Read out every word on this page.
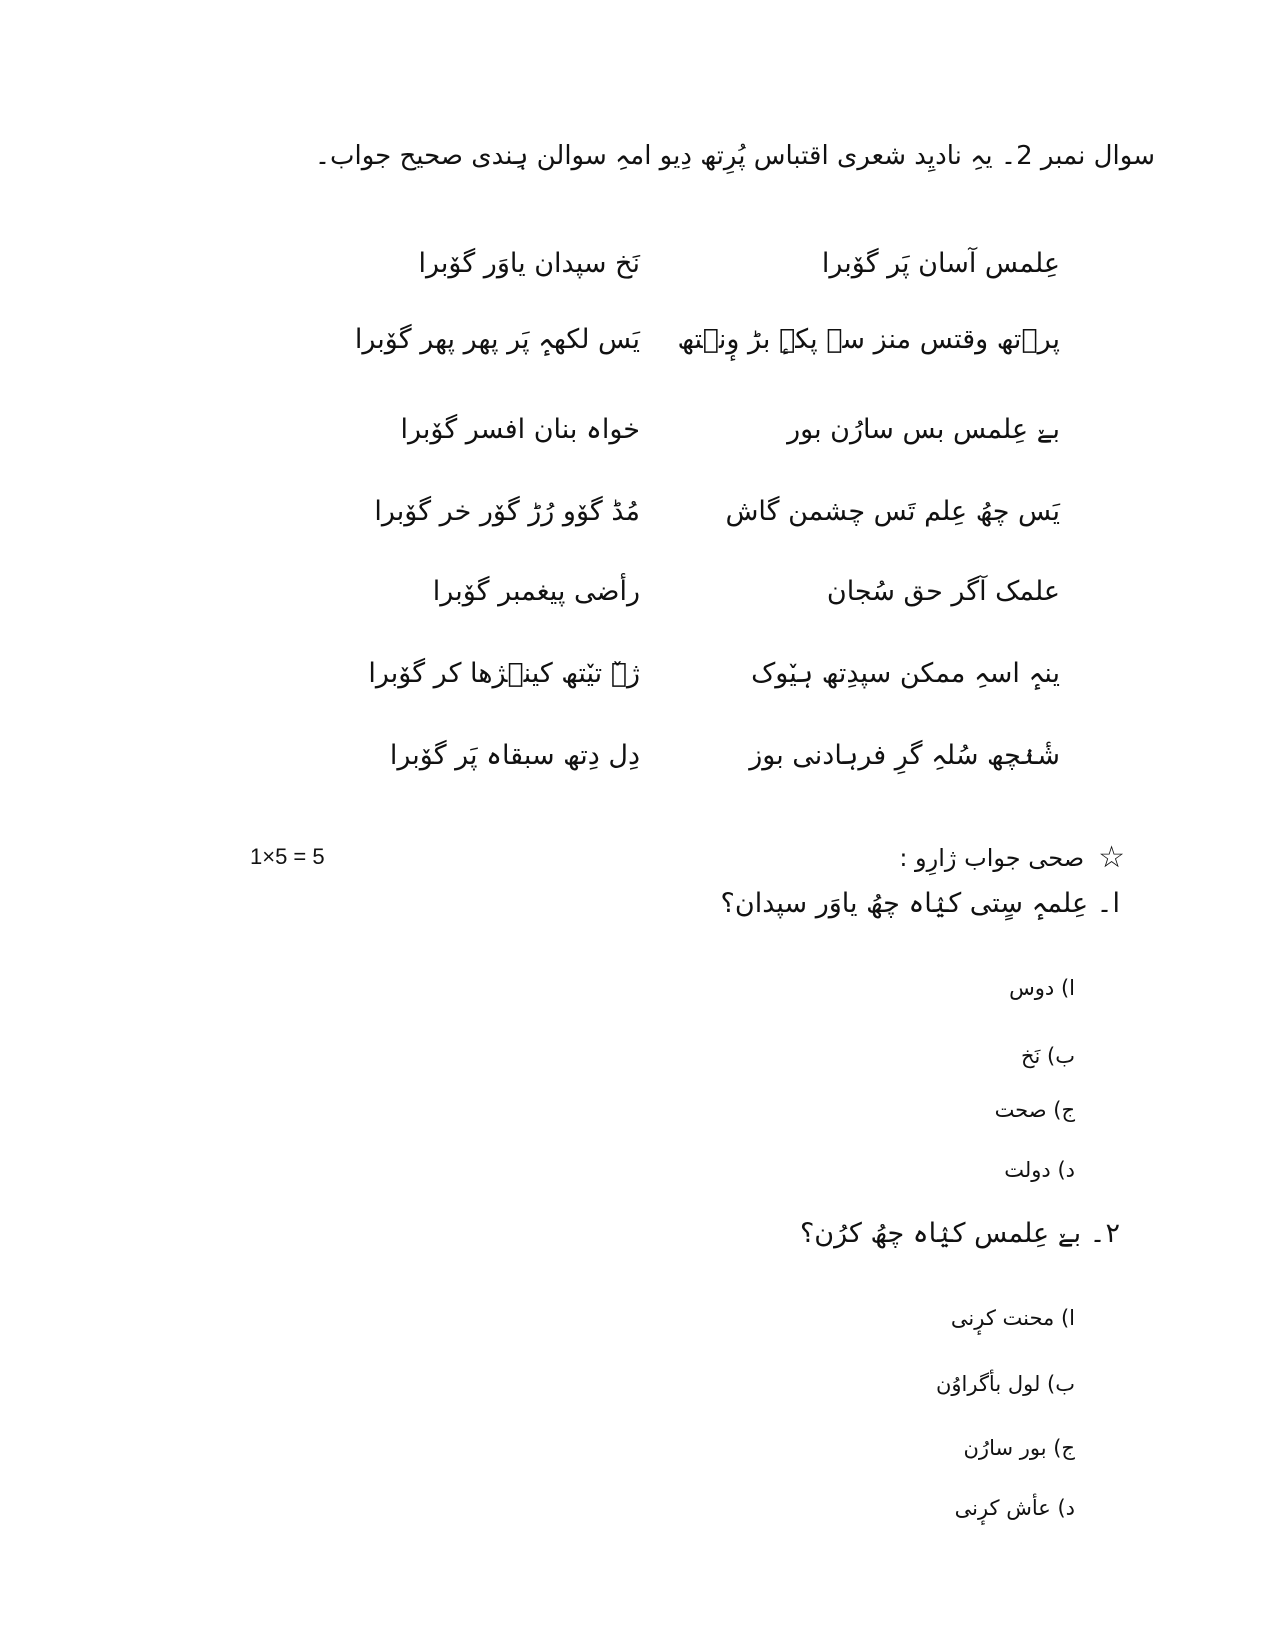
سوال نمبر 2۔ یہِ نادیِد شعری اقتباس پُرِتھ دِیو امہِ سوالن ہِندی صحیح جواب۔
عِلمس آسان پَر گوٚبرا
نَخ سپدان یاوَر گوٚبرا
پرٛتھ وقتس منز سے پکہٕ بڑ وٕنٛتھ
یَس لکھہٕ پَر پھر پھر گوٚبرا
بےٚ عِلمس بس سارُن بور
خواہ بنان افسر گوٚبرا
یَس چھُ عِلم تَس چشمن گاش
مُڈ گوٚو رُڑ گوٚر خر گوٚبرا
علمک آگر حق سُجان
رأضی پیغمبر گوٚبرا
ینہٕ اسہِ ممکن سپدِتھ ہیٚوک
ژےٚ تیٚتھ کینٛژھا کر گوٚبرا
شٔنٛچھ سُلہِ گرِ فرہادنی بوز
دِل دِتھ سبقاہ پَر گوٚبرا
☆
صحی جواب ژارِو :
1×5 = 5
ا۔ عِلمہٕ سٍتی کیٛاہ چھُ یاوَر سپدان؟
ا) دوس
ب) نَخ
ج) صحت
د) دولت
۲۔ بےٚ عِلمس کیٛاہ چھُ کرُن؟
ا) محنت کرٕنی
ب) لول بأگراوُن
ج) بور سارُن
د) عأش کرٕنی
